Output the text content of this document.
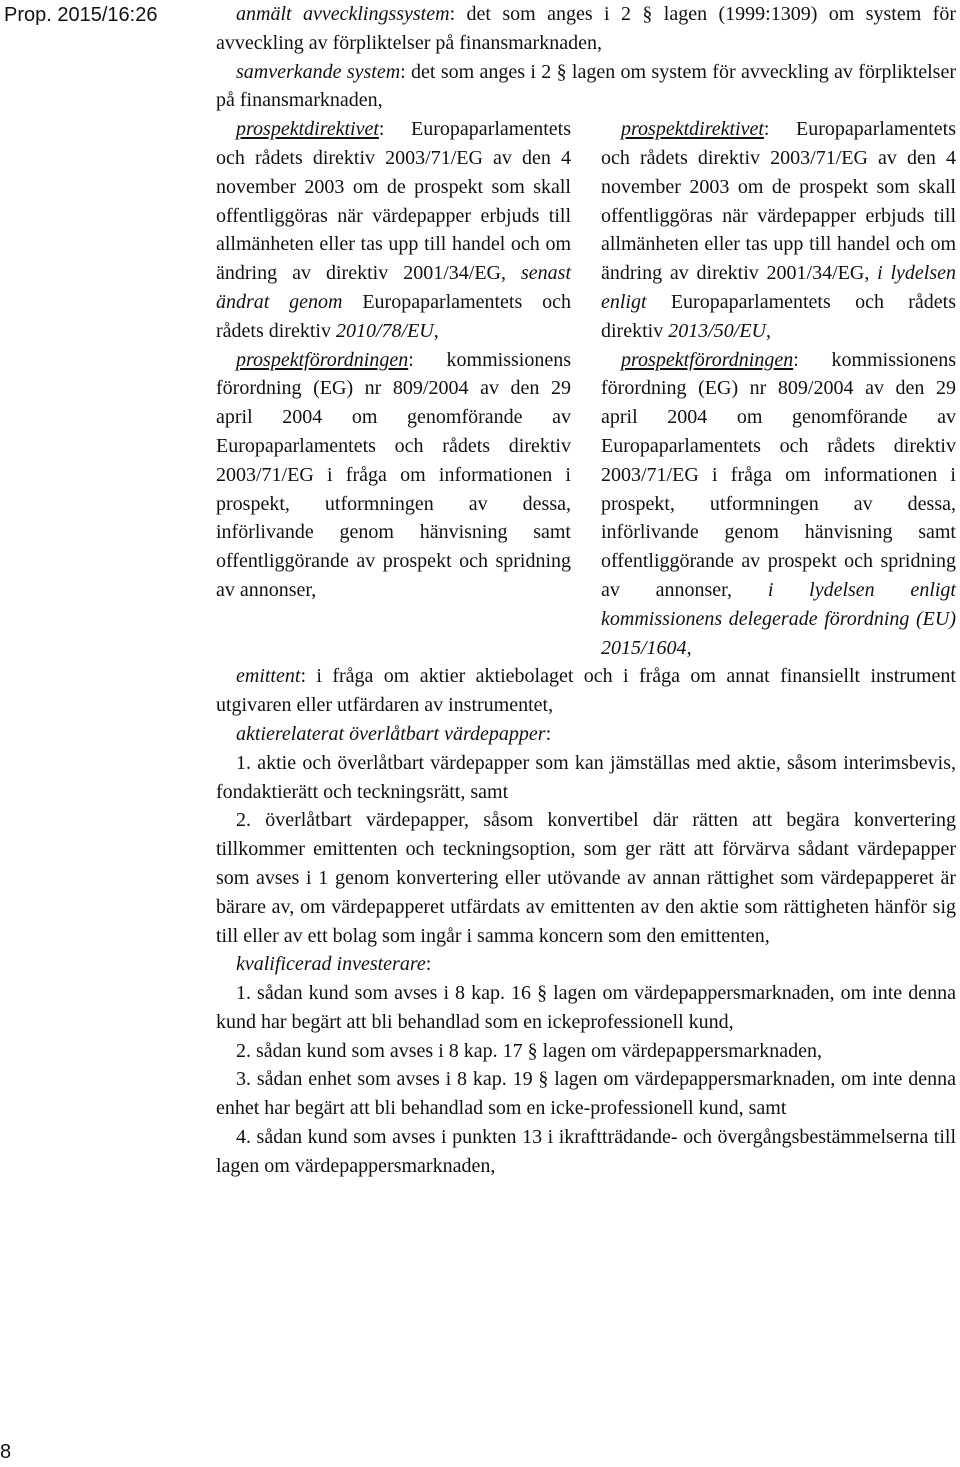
Prop. 2015/16:26
8

anmält avvecklingssystem: det som anges i 2 § lagen (1999:1309) om system för avveckling av förpliktelser på finansmarknaden,

samverkande system: det som anges i 2 § lagen om system för avveckling av förpliktelser på finansmarknaden,

prospektdirektivet: Europaparlamentets och rådets direktiv 2003/71/EG av den 4 november 2003 om de prospekt som skall offentliggöras när värdepapper erbjuds till allmänheten eller tas upp till handel och om ändring av direktiv 2001/34/EG, senast ändrat genom Europaparlamentets och rådets direktiv 2010/78/EU,

prospektförordningen: kommissionens förordning (EG) nr 809/2004 av den 29 april 2004 om genomförande av Europaparlamentets och rådets direktiv 2003/71/EG i fråga om informationen i prospekt, utformningen av dessa, införlivande genom hänvisning samt offentliggörande av prospekt och spridning av annonser,

prospektdirektivet: Europaparlamentets och rådets direktiv 2003/71/EG av den 4 november 2003 om de prospekt som skall offentliggöras när värdepapper erbjuds till allmänheten eller tas upp till handel och om ändring av direktiv 2001/34/EG, i lydelsen enligt Europaparlamentets och rådets direktiv 2013/50/EU,

prospektförordningen: kommissionens förordning (EG) nr 809/2004 av den 29 april 2004 om genomförande av Europaparlamentets och rådets direktiv 2003/71/EG i fråga om informationen i prospekt, utformningen av dessa, införlivande genom hänvisning samt offentliggörande av prospekt och spridning av annonser, i lydelsen enligt kommissionens delegerade förordning (EU) 2015/1604,

emittent: i fråga om aktier aktiebolaget och i fråga om annat finansiellt instrument utgivaren eller utfärdaren av instrumentet,

aktierelaterat överlåtbart värdepapper:

1. aktie och överlåtbart värdepapper som kan jämställas med aktie, såsom interimsbevis, fondaktierätt och teckningsrätt, samt

2. överlåtbart värdepapper, såsom konvertibel där rätten att begära konvertering tillkommer emittenten och teckningsoption, som ger rätt att förvärva sådant värdepapper som avses i 1 genom konvertering eller utövande av annan rättighet som värdepapperet är bärare av, om värdepapperet utfärdats av emittenten av den aktie som rättigheten hänför sig till eller av ett bolag som ingår i samma koncern som den emittenten,

kvalificerad investerare:

1. sådan kund som avses i 8 kap. 16 § lagen om värdepappersmarknaden, om inte denna kund har begärt att bli behandlad som en ickeprofessionell kund,

2. sådan kund som avses i 8 kap. 17 § lagen om värdepappersmarknaden,

3. sådan enhet som avses i 8 kap. 19 § lagen om värdepappersmarknaden, om inte denna enhet har begärt att bli behandlad som en icke-professionell kund, samt

4. sådan kund som avses i punkten 13 i ikraftträdande- och övergångsbestämmelserna till lagen om värdepappersmarknaden,
